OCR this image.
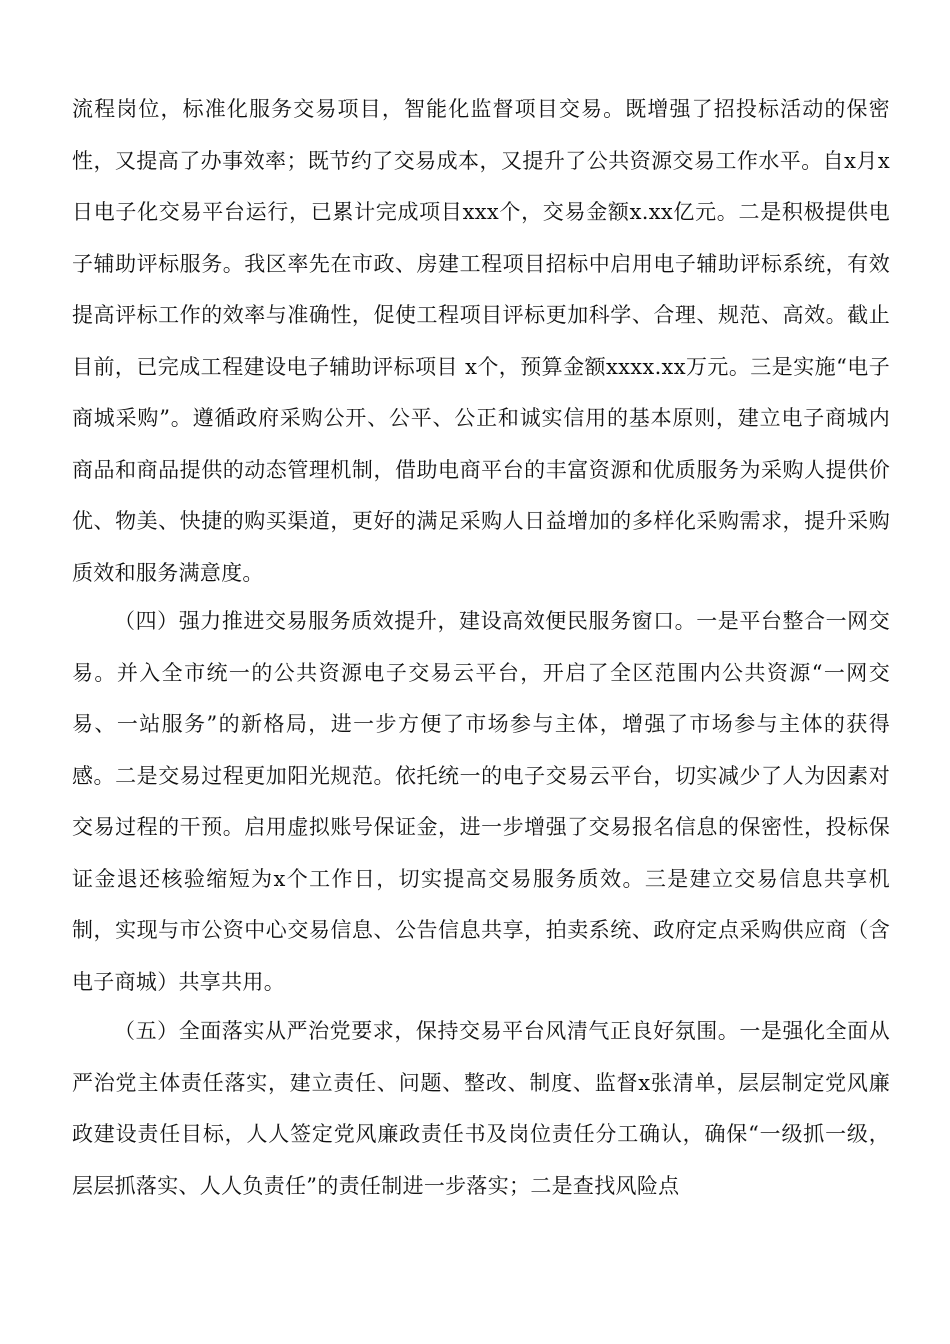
流程岗位，标准化服务交易项目，智能化监督项目交易。既增强了招投标活动的保密性，又提高了办事效率；既节约了交易成本，又提升了公共资源交易工作水平。自x月x日电子化交易平台运行，已累计完成项目xxx个，交易金额x.xx亿元。二是积极提供电子辅助评标服务。我区率先在市政、房建工程项目招标中启用电子辅助评标系统，有效提高评标工作的效率与准确性，促使工程项目评标更加科学、合理、规范、高效。截止目前，已完成工程建设电子辅助评标项目 x个，预算金额xxxx.xx万元。三是实施“电子商城采购”。遵循政府采购公开、公平、公正和诚实信用的基本原则，建立电子商城内商品和商品提供的动态管理机制，借助电商平台的丰富资源和优质服务为采购人提供价优、物美、快捷的购买渠道，更好的满足采购人日益增加的多样化采购需求，提升采购质效和服务满意度。

（四）强力推进交易服务质效提升，建设高效便民服务窗口。一是平台整合一网交易。并入全市统一的公共资源电子交易云平台，开启了全区范围内公共资源“一网交易、一站服务”的新格局，进一步方便了市场参与主体，增强了市场参与主体的获得感。二是交易过程更加阳光规范。依托统一的电子交易云平台，切实减少了人为因素对交易过程的干预。启用虚拟账号保证金，进一步增强了交易报名信息的保密性，投标保证金退还核验缩短为x个工作日，切实提高交易服务质效。三是建立交易信息共享机制，实现与市公资中心交易信息、公告信息共享，拍卖系统、政府定点采购供应商（含电子商城）共享共用。

（五）全面落实从严治党要求，保持交易平台风清气正良好氛围。一是强化全面从严治党主体责任落实，建立责任、问题、整改、制度、监督x张清单，层层制定党风廉政建设责任目标，人人签定党风廉政责任书及岗位责任分工确认，确保“一级抓一级，层层抓落实、人人负责任”的责任制进一步落实；二是查找风险点
